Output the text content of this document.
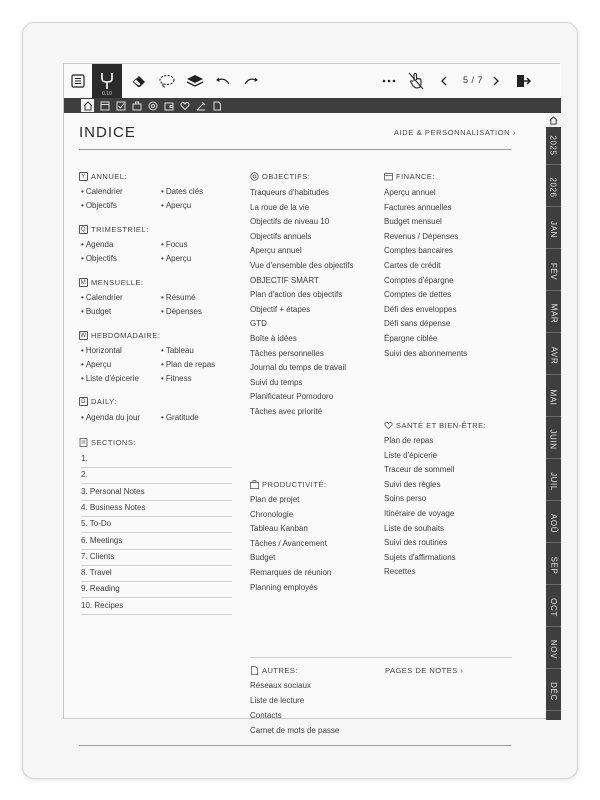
0.10
5 / 7
2025
2026
JAN
FÉV
MAR
AVR
MAI
JUIN
JUIL
AOÛ
SEP
OCT
NOV
DÉC
INDICE	AIDE & PERSONNALISATION ›
Y ANNUEL:
• Calendrier	• Dates clés
• Objectifs	• Aperçu
Q TRIMESTRIEL:
• Agenda	• Focus
• Objectifs	• Aperçu
M MENSUELLE:
• Calendrier	• Résumé
• Budget	• Dépenses
W HEBDOMADAIRE:
• Horizontal	• Tableau
• Aperçu	• Plan de repas
• Liste d'épicerie	• Fitness
D DAILY:
• Agenda du jour	• Gratitude
SECTIONS:
1.
2.
3. Personal Notes
4. Business Notes
5. To-Do
6. Meetings
7. Clients
8. Travel
9. Reading
10. Recipes
OBJECTIFS:
Traqueurs d'habitudes
La roue de la vie
Objectifs de niveau 10
Objectifs annuels
Aperçu annuel
Vue d'ensemble des objectifs
OBJECTIF SMART
Plan d'action des objectifs
Objectif + étapes
GTD
Boîte à idées
Tâches personnelles
Journal du temps de travail
Suivi du temps
Planificateur Pomodoro
Tâches avec priorité
PRODUCTIVITÉ:
Plan de projet
Chronologie
Tableau Kanban
Tâches / Avancement
Budget
Remarques de réunion
Planning employés
FINANCE:
Aperçu annuel
Factures annuelles
Budget mensuel
Revenus / Dépenses
Comptes bancaires
Cartes de crédit
Comptes d'épargne
Comptes de dettes
Défi des enveloppes
Défi sans dépense
Épargne ciblée
Suivi des abonnements
SANTÉ ET BIEN-ÊTRE:
Plan de repas
Liste d'épicerie
Traceur de sommeil
Suivi des règles
Soins perso
Itinéraire de voyage
Liste de souhaits
Suivi des routines
Sujets d'affirmations
Recettes
AUTRES:
Réseaux sociaux
Liste de lecture
Contacts
Carnet de mots de passe
PAGES DE NOTES
›
